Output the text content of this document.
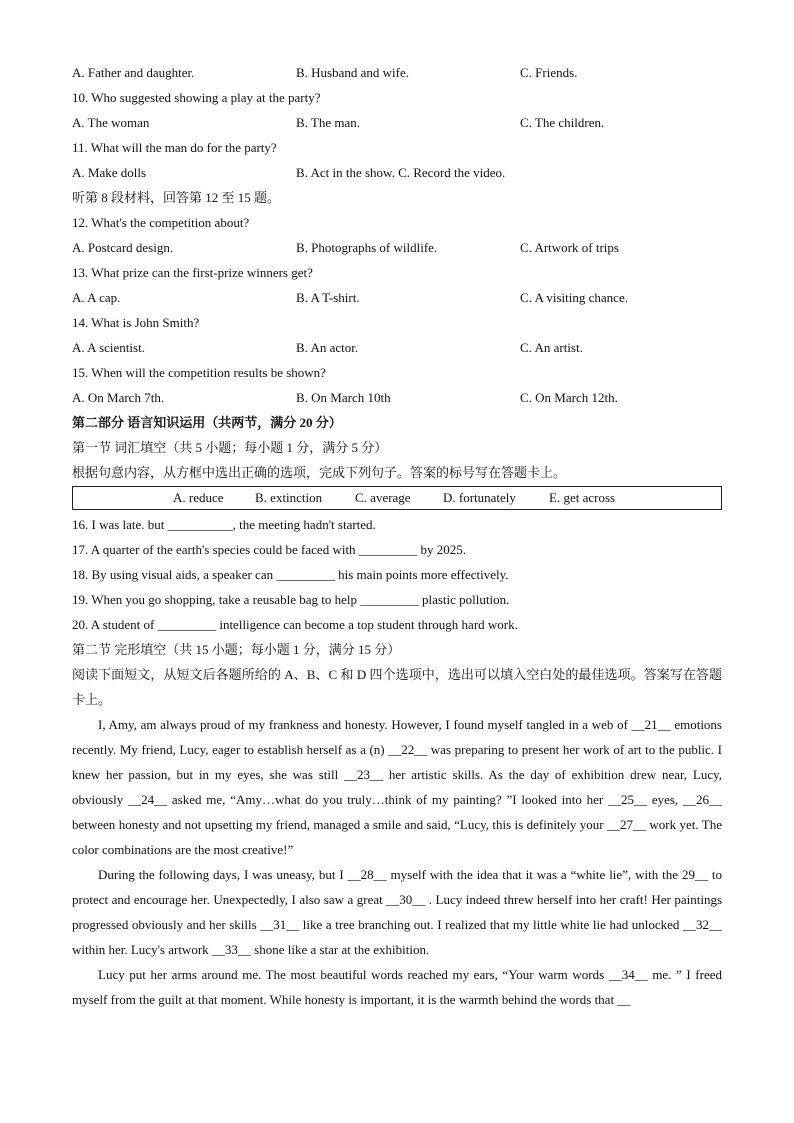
A. Father and daughter.	B. Husband and wife.	C. Friends.
10. Who suggested showing a play at the party?
A. The woman	B. The man.	C. The children.
11. What will the man do for the party?
A. Make dolls	B. Act in the show. C. Record the video.
听第 8 段材料，回答第 12 至 15 题。
12. What's the competition about?
A. Postcard design.	B. Photographs of wildlife.	C. Artwork of trips
13. What prize can the first-prize winners get?
A. A cap.	B. A T-shirt.	C. A visiting chance.
14. What is John Smith?
A. A scientist.	B. An actor.	C. An artist.
15. When will the competition results be shown?
A. On March 7th.	B. On March 10th	C. On March 12th.
第二部分 语言知识运用（共两节，满分 20 分）
第一节 词汇填空（共 5 小题；每小题 1 分，满分 5 分）
根据句意内容，从方框中选出正确的选项，完成下列句子。答案的标号写在答题卡上。
A. reduce B. extinction	C. average D. fortunately	E. get across
16. I was late. but __________, the meeting hadn't started.
17. A quarter of the earth's species could be faced with _________ by 2025.
18. By using visual aids, a speaker can _________ his main points more effectively.
19. When you go shopping, take a reusable bag to help _________ plastic pollution.
20. A student of _________ intelligence can become a top student through hard work.
第二节 完形填空（共 15 小题；每小题 1 分，满分 15 分）

阅读下面短文，从短文后各题所给的 A、B、C 和 D 四个选项中，选出可以填入空白处的最佳选项。答案写在答题卡上。

I, Amy, am always proud of my frankness and honesty. However, I found myself tangled in a web of __21__ emotions recently. My friend, Lucy, eager to establish herself as a (n) __22__ was preparing to present her work of art to the public. I knew her passion, but in my eyes, she was still __23__ her artistic skills. As the day of exhibition drew near, Lucy, obviously __24__ asked me, “Amy…what do you truly…think of my painting? ”I looked into her __25__ eyes, __26__ between honesty and not upsetting my friend, managed a smile and said, “Lucy, this is definitely your __27__ work yet. The color combinations are the most creative!”

During the following days, I was uneasy, but I __28__ myself with the idea that it was a “white lie”, with the 29__ to protect and encourage her. Unexpectedly, I also saw a great __30__ . Lucy indeed threw herself into her craft! Her paintings progressed obviously and her skills __31__ like a tree branching out. I realized that my little white lie had unlocked __32__ within her. Lucy's artwork __33__ shone like a star at the exhibition.

Lucy put her arms around me. The most beautiful words reached my ears, “Your warm words __34__ me. ” I freed myself from the guilt at that moment. While honesty is important, it is the warmth behind the words that __
